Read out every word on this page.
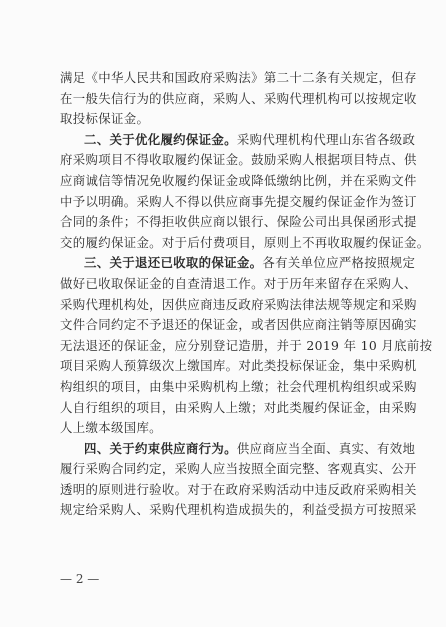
满足《中华人民共和国政府采购法》第二十二条有关规定，但存
在一般失信行为的供应商，采购人、采购代理机构可以按规定收
取投标保证金。
二、关于优化履约保证金。采购代理机构代理山东省各级政
府采购项目不得收取履约保证金。鼓励采购人根据项目特点、供
应商诚信等情况免收履约保证金或降低缴纳比例，并在采购文件
中予以明确。采购人不得以供应商事先提交履约保证金作为签订
合同的条件；不得拒收供应商以银行、保险公司出具保函形式提
交的履约保证金。对于后付费项目，原则上不再收取履约保证金。
三、关于退还已收取的保证金。各有关单位应严格按照规定
做好已收取保证金的自查清退工作。对于历年来留存在采购人、
采购代理机构处，因供应商违反政府采购法律法规等规定和采购
文件合同约定不予退还的保证金，或者因供应商注销等原因确实
无法退还的保证金，应分别登记造册，并于 2019 年 10 月底前按
项目采购人预算级次上缴国库。对此类投标保证金，集中采购机
构组织的项目，由集中采购机构上缴；社会代理机构组织或采购
人自行组织的项目，由采购人上缴；对此类履约保证金，由采购
人上缴本级国库。
四、关于约束供应商行为。供应商应当全面、真实、有效地
履行采购合同约定，采购人应当按照全面完整、客观真实、公开
透明的原则进行验收。对于在政府采购活动中违反政府采购相关
规定给采购人、采购代理机构造成损失的，利益受损方可按照采
— 2 —
